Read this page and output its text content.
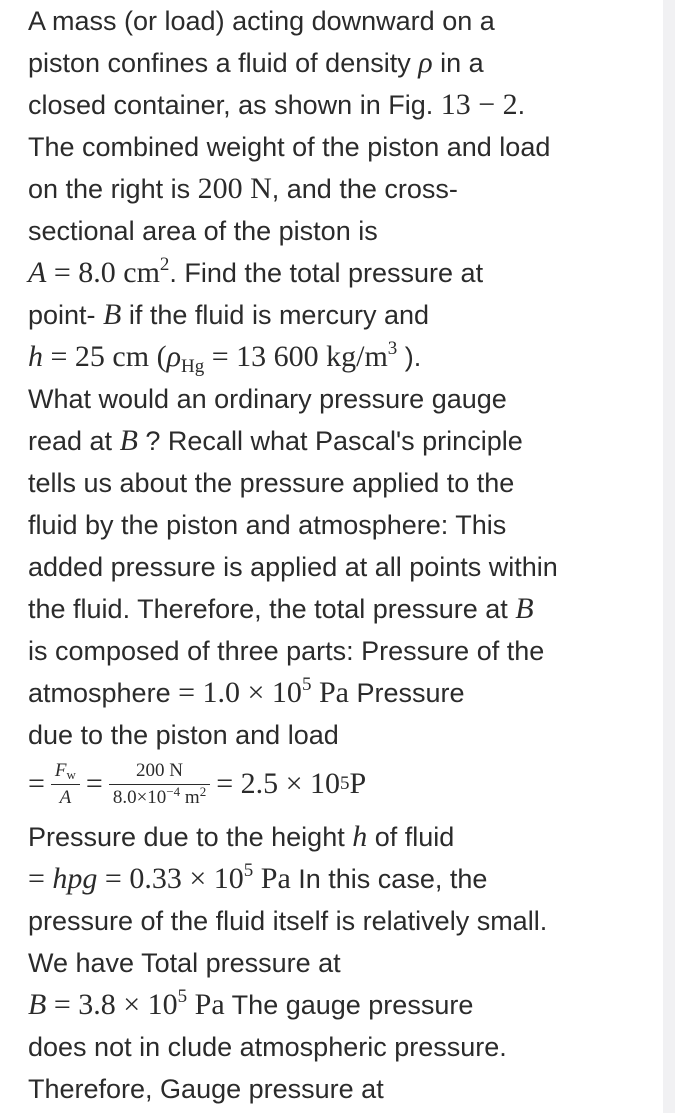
A mass (or load) acting downward on a
piston confines a fluid of density ρ in a
closed container, as shown in Fig. 13 − 2.
The combined weight of the piston and load
on the right is 200 N, and the cross-
sectional area of the piston is
A = 8.0 $cm^2$. Find the total pressure at
point- B if the fluid is mercury and
h = 25 cm ($\rho_{Hg} = 13$ 600 $kg/m^3$ ).
What would an ordinary pressure gauge
read at B ? Recall what Pascal's principle
tells us about the pressure applied to the
fluid by the piston and atmosphere: This
added pressure is applied at all points within
the fluid. Therefore, the total pressure at B
is composed of three parts: Pressure of the
atmosphere = $1.0 \times 10^5$ Pa Pressure
due to the piston and load
= $\frac{F_w}{A} = \frac{200 N}{8.0\times 10^{-4} m^2} = 2.5 \times 10$ 5 P
Pressure due to the height h of fluid
= hpg = $0.33 \times 10^5$ Pa In this case, the
pressure of the fluid itself is relatively small.
We have Total pressure at
$B = 3.8 \times 10^5$ Pa The gauge pressure
does not in clude atmospheric pressure.
Therefore, Gauge pressure at
